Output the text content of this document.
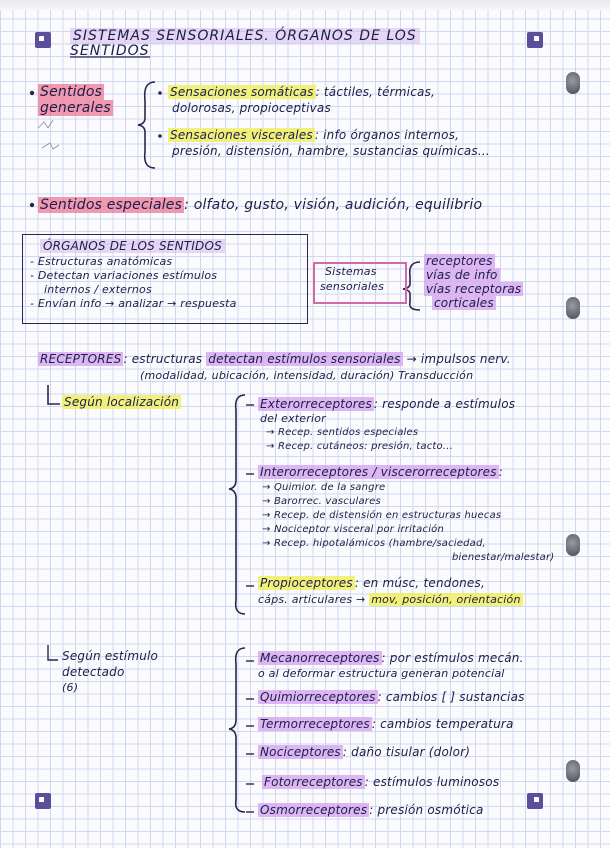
SISTEMAS SENSORIALES. ÓRGANOS DE LOS
SENTIDOS
Sentidos
generales
Sensaciones somáticas : táctiles, térmicas,
dolorosas, propioceptivas
Sensaciones viscerales : info órganos internos,
presión, distensión, hambre, sustancias químicas...
Sentidos especiales : olfato, gusto, visión, audición, equilibrio
ÓRGANOS DE LOS SENTIDOS
- Estructuras anatómicas
- Detectan variaciones estímulos
internos / externos
- Envían info → analizar → respuesta
Sistemas
sensoriales
receptores
vías de info
vías receptoras
corticales
RECEPTORES : estructuras detectan estímulos sensoriales → impulsos nerv.
(modalidad, ubicación, intensidad, duración) Transducción
Según localización	Exterorreceptores : responde a estímulos
del exterior
→ Recep. sentidos especiales
→ Recep. cutáneos: presión, tacto...
Interorreceptores / viscerorreceptores :
→ Quimior. de la sangre
→ Barorrec. vasculares
→ Recep. de distensión en estructuras huecas
→ Nociceptor visceral por irritación
→ Recep. hipotalámicos (hambre/saciedad,
bienestar/malestar)
Propioceptores : en músc, tendones,
cáps. articulares → mov, posición, orientación
Según estímulo
detectado
(6)
Mecanorreceptores : por estímulos mecán.
o al deformar estructura generan potencial
Quimiorreceptores : cambios [ ] sustancias
Termorreceptores : cambios temperatura
Nociceptores : daño tisular (dolor)
Fotorreceptores : estímulos luminosos
Osmorreceptores : presión osmótica
